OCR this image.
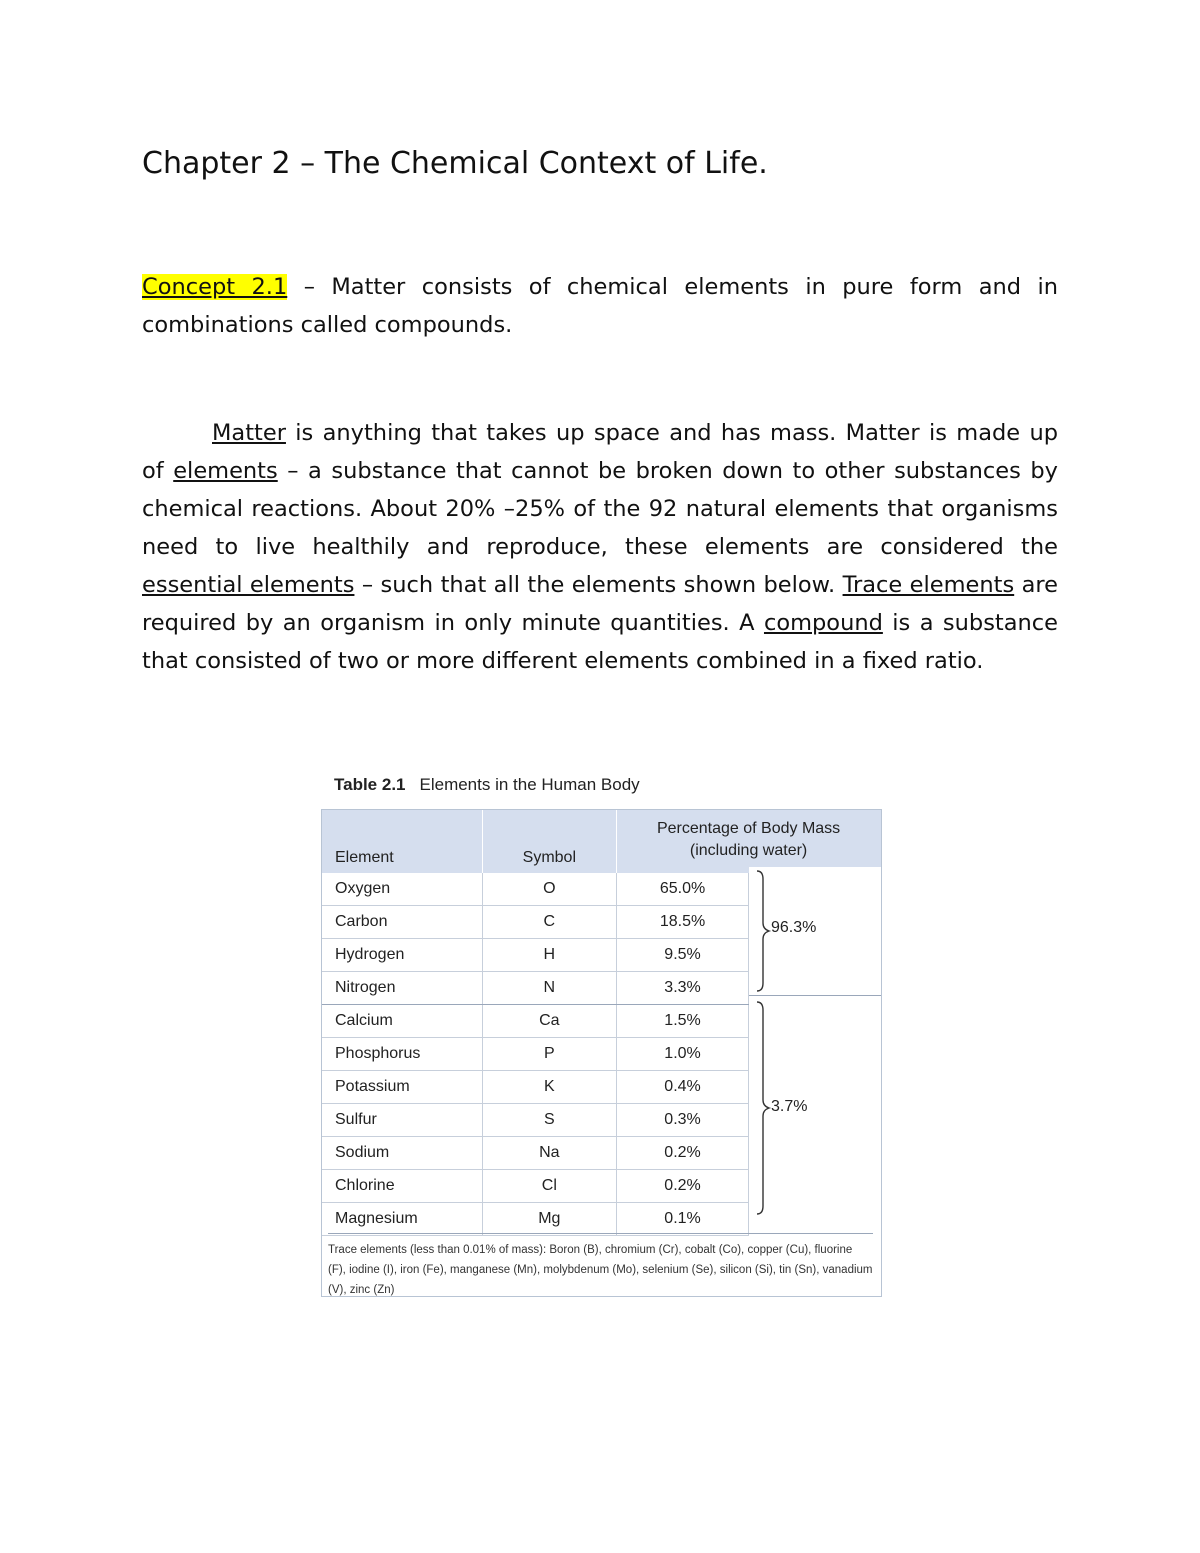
Chapter 2 – The Chemical Context of Life.

Concept 2.1 – Matter consists of chemical elements in pure form and in combinations called compounds.

Matter is anything that takes up space and has mass. Matter is made up of elements – a substance that cannot be broken down to other substances by chemical reactions. About 20% –25% of the 92 natural elements that organisms need to live healthily and reproduce, these elements are considered the essential elements – such that all the elements shown below. Trace elements are required by an organism in only minute quantities. A compound is a substance that consisted of two or more different elements combined in a fixed ratio.

Table 2.1 Elements in the Human Body
Element	Symbol	Percentage of Body Mass
(including water)

Oxygen	O	65.0%
Carbon	C	18.5%
Hydrogen	H	9.5%
Nitrogen	N	3.3%
Calcium	Ca	1.5%
Phosphorus	P	1.0%
Potassium	K	0.4%
Sulfur	S	0.3%
Sodium	Na	0.2%
Chlorine	Cl	0.2%
Magnesium	Mg	0.1%
96.3%
3.7%
Trace elements (less than 0.01% of mass): Boron (B), chromium (Cr), cobalt (Co), copper (Cu), fluorine (F), iodine (I), iron (Fe), manganese (Mn), molybdenum (Mo), selenium (Se), silicon (Si), tin (Sn), vanadium (V), zinc (Zn)
